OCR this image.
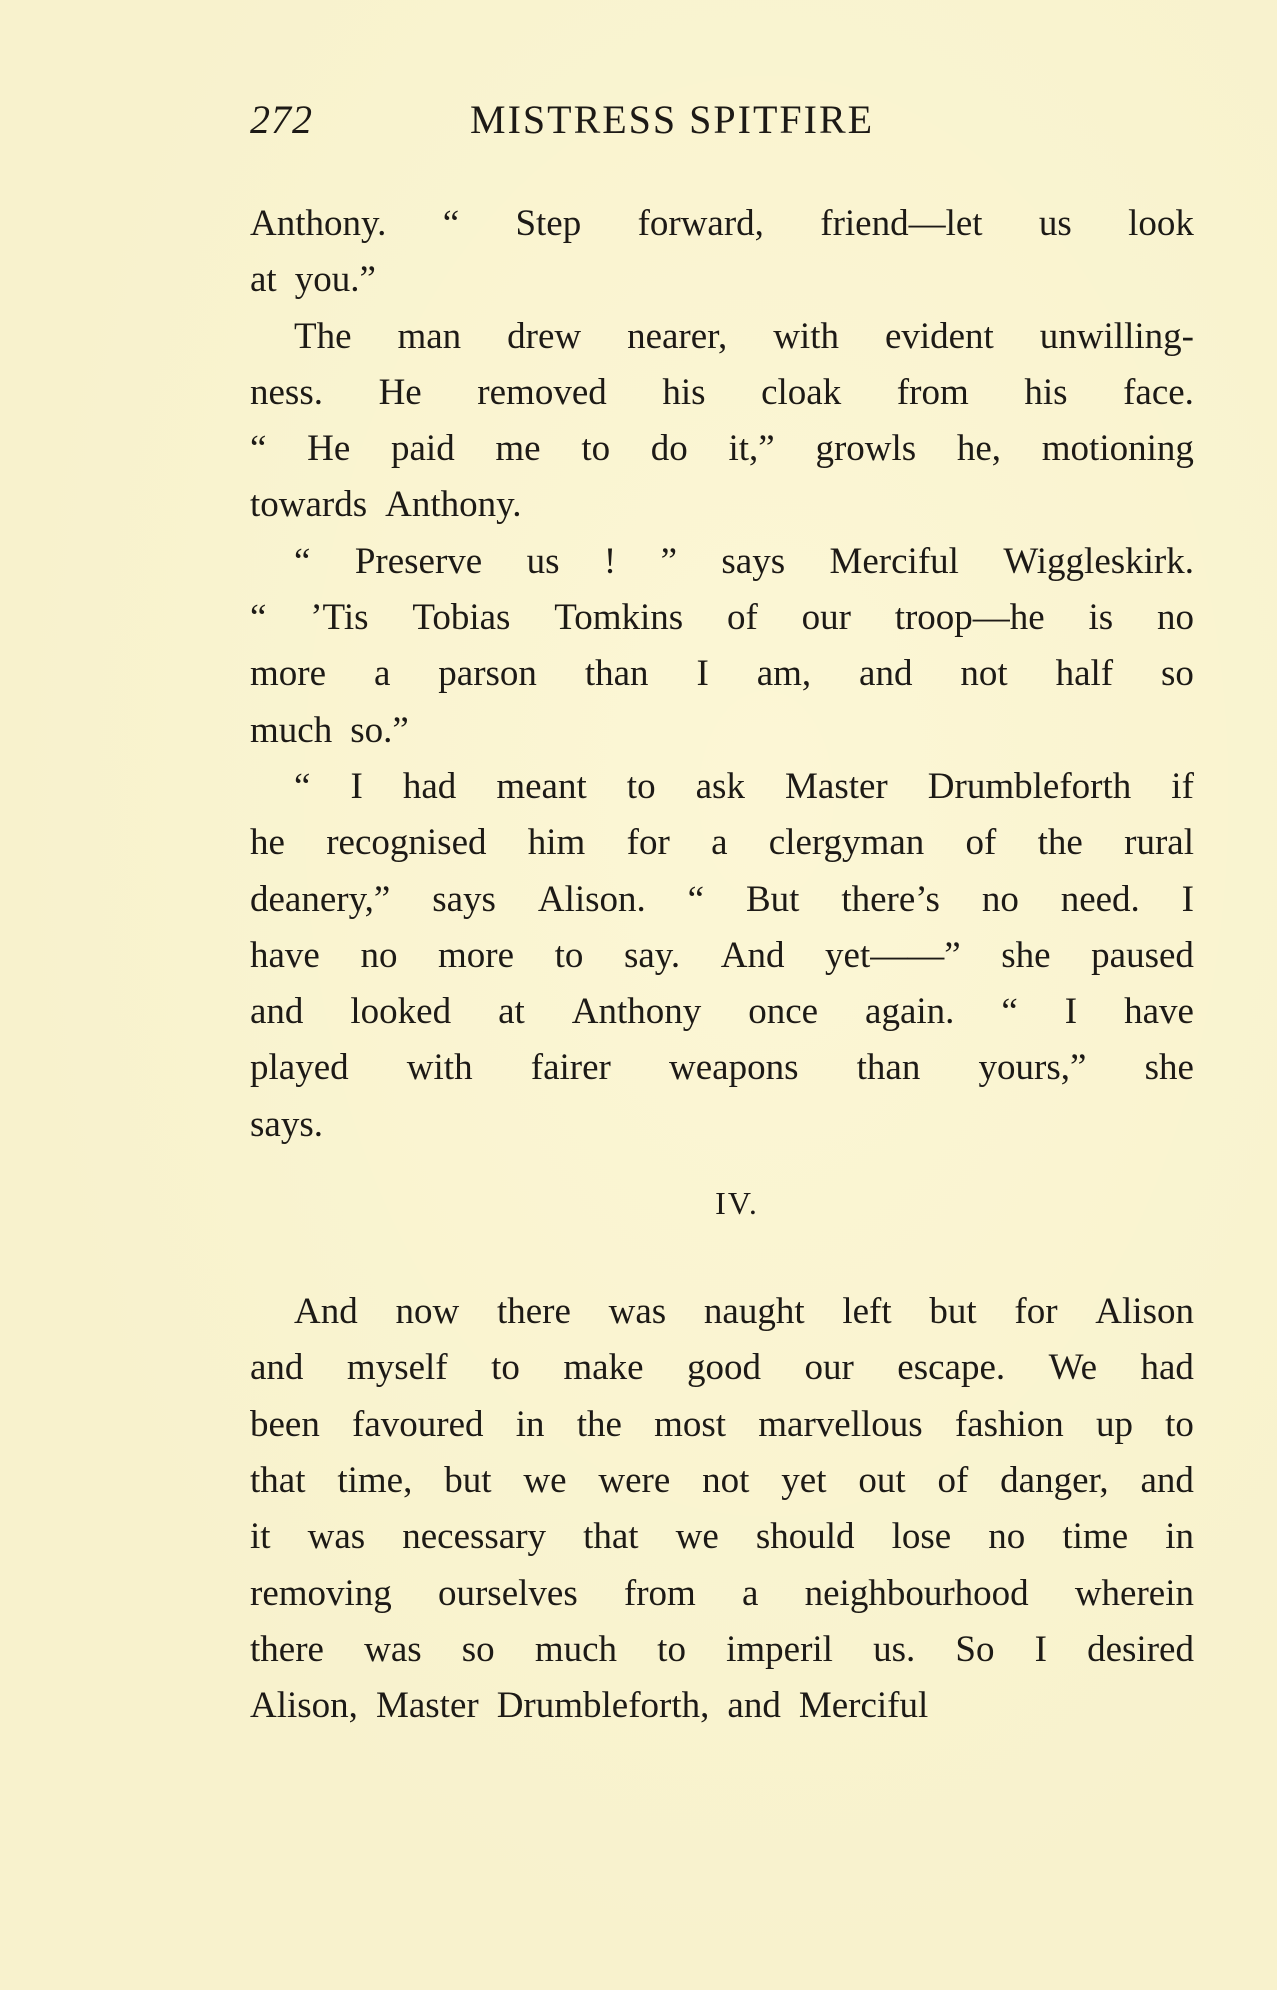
272	MISTRESS SPITFIRE
Anthony. “ Step forward, friend—let us look
at you.”
The man drew nearer, with evident unwilling-
ness. He removed his cloak from his face.
“ He paid me to do it,” growls he, motioning
towards Anthony.
“ Preserve us ! ” says Merciful Wiggleskirk.
“ ’Tis Tobias Tomkins of our troop—he is no
more a parson than I am, and not half so
much so.”
“ I had meant to ask Master Drumbleforth if
he recognised him for a clergyman of the rural
deanery,” says Alison. “ But there’s no need. I
have no more to say. And yet——” she paused
and looked at Anthony once again. “ I have
played with fairer weapons than yours,” she
says.
IV.
And now there was naught left but for Alison
and myself to make good our escape. We had
been favoured in the most marvellous fashion up to
that time, but we were not yet out of danger, and
it was necessary that we should lose no time in
removing ourselves from a neighbourhood wherein
there was so much to imperil us. So I desired
Alison, Master Drumbleforth, and Merciful
